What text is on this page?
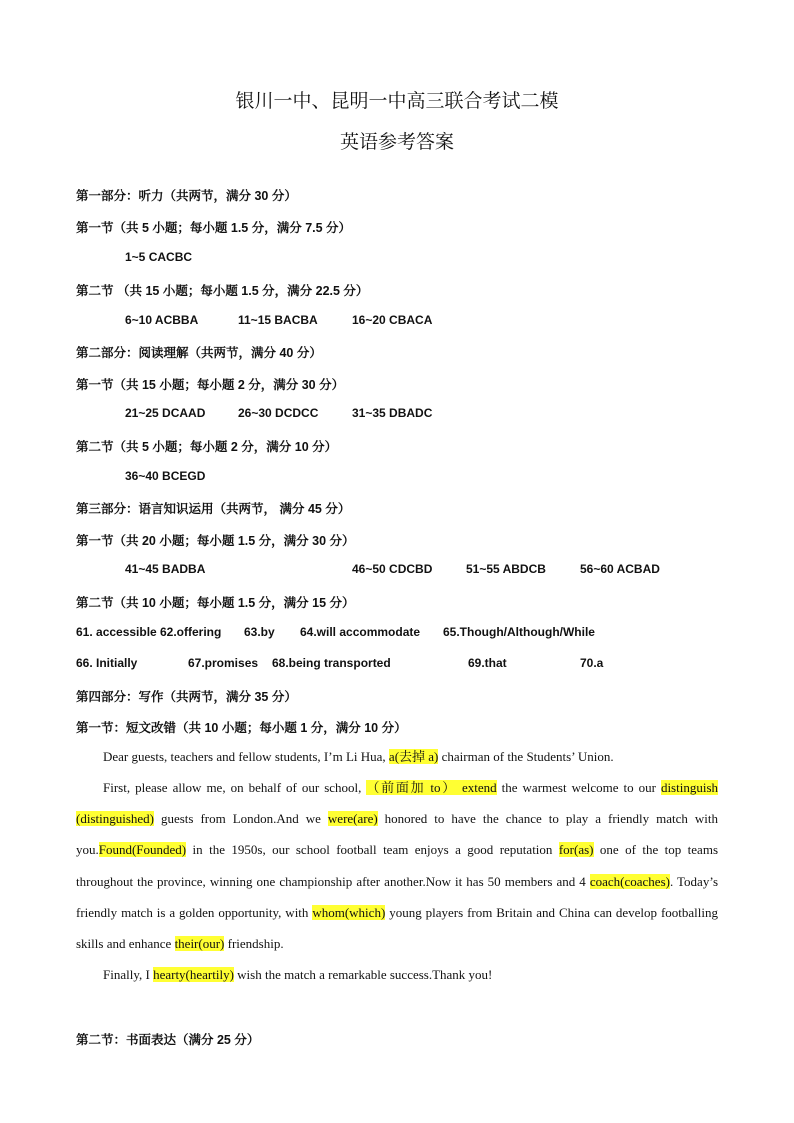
银川一中、昆明一中高三联合考试二模
英语参考答案
第一部分：听力（共两节，满分 30 分）
第一节（共 5 小题；每小题 1.5 分，满分 7.5 分）
1~5 CACBC
第二节 （共 15 小题；每小题 1.5 分，满分 22.5 分）
6~10 ACBBA	11~15 BACBA	16~20 CBACA
第二部分：阅读理解（共两节，满分 40 分）
第一节（共 15 小题；每小题 2 分，满分 30 分）
21~25 DCAAD	26~30 DCDCC	31~35 DBADC
第二节（共 5 小题；每小题 2 分，满分 10 分）
36~40 BCEGD
第三部分：语言知识运用（共两节， 满分 45 分）
第一节（共 20 小题；每小题 1.5 分，满分 30 分）
41~45 BADBA	46~50 CDCBD	51~55 ABDCB	56~60 ACBAD
第二节（共 10 小题；每小题 1.5 分，满分 15 分）
61. accessible 62.offering 63.by 64.will accommodate 65.Though/Although/While
66. Initially	67.promises 68.being transported	69.that	70.a
第四部分：写作（共两节，满分 35 分）
第一节：短文改错（共 10 小题；每小题 1 分，满分 10 分）
Dear guests, teachers and fellow students, I’m Li Hua, a(去掉 a) chairman of the Students’ Union.
First, please allow me, on behalf of our school, （前面加 to） extend the warmest welcome to our distinguish (distinguished) guests from London.And we were(are) honored to have the chance to play a friendly match with you.Found(Founded) in the 1950s, our school football team enjoys a good reputation for(as) one of the top teams throughout the province, winning one championship after another.Now it has 50 members and 4 coach(coaches). Today’s friendly match is a golden opportunity, with whom(which) young players from Britain and China can develop footballing skills and enhance their(our) friendship.
Finally, I hearty(heartily) wish the match a remarkable success.Thank you!
第二节：书面表达（满分 25 分）
